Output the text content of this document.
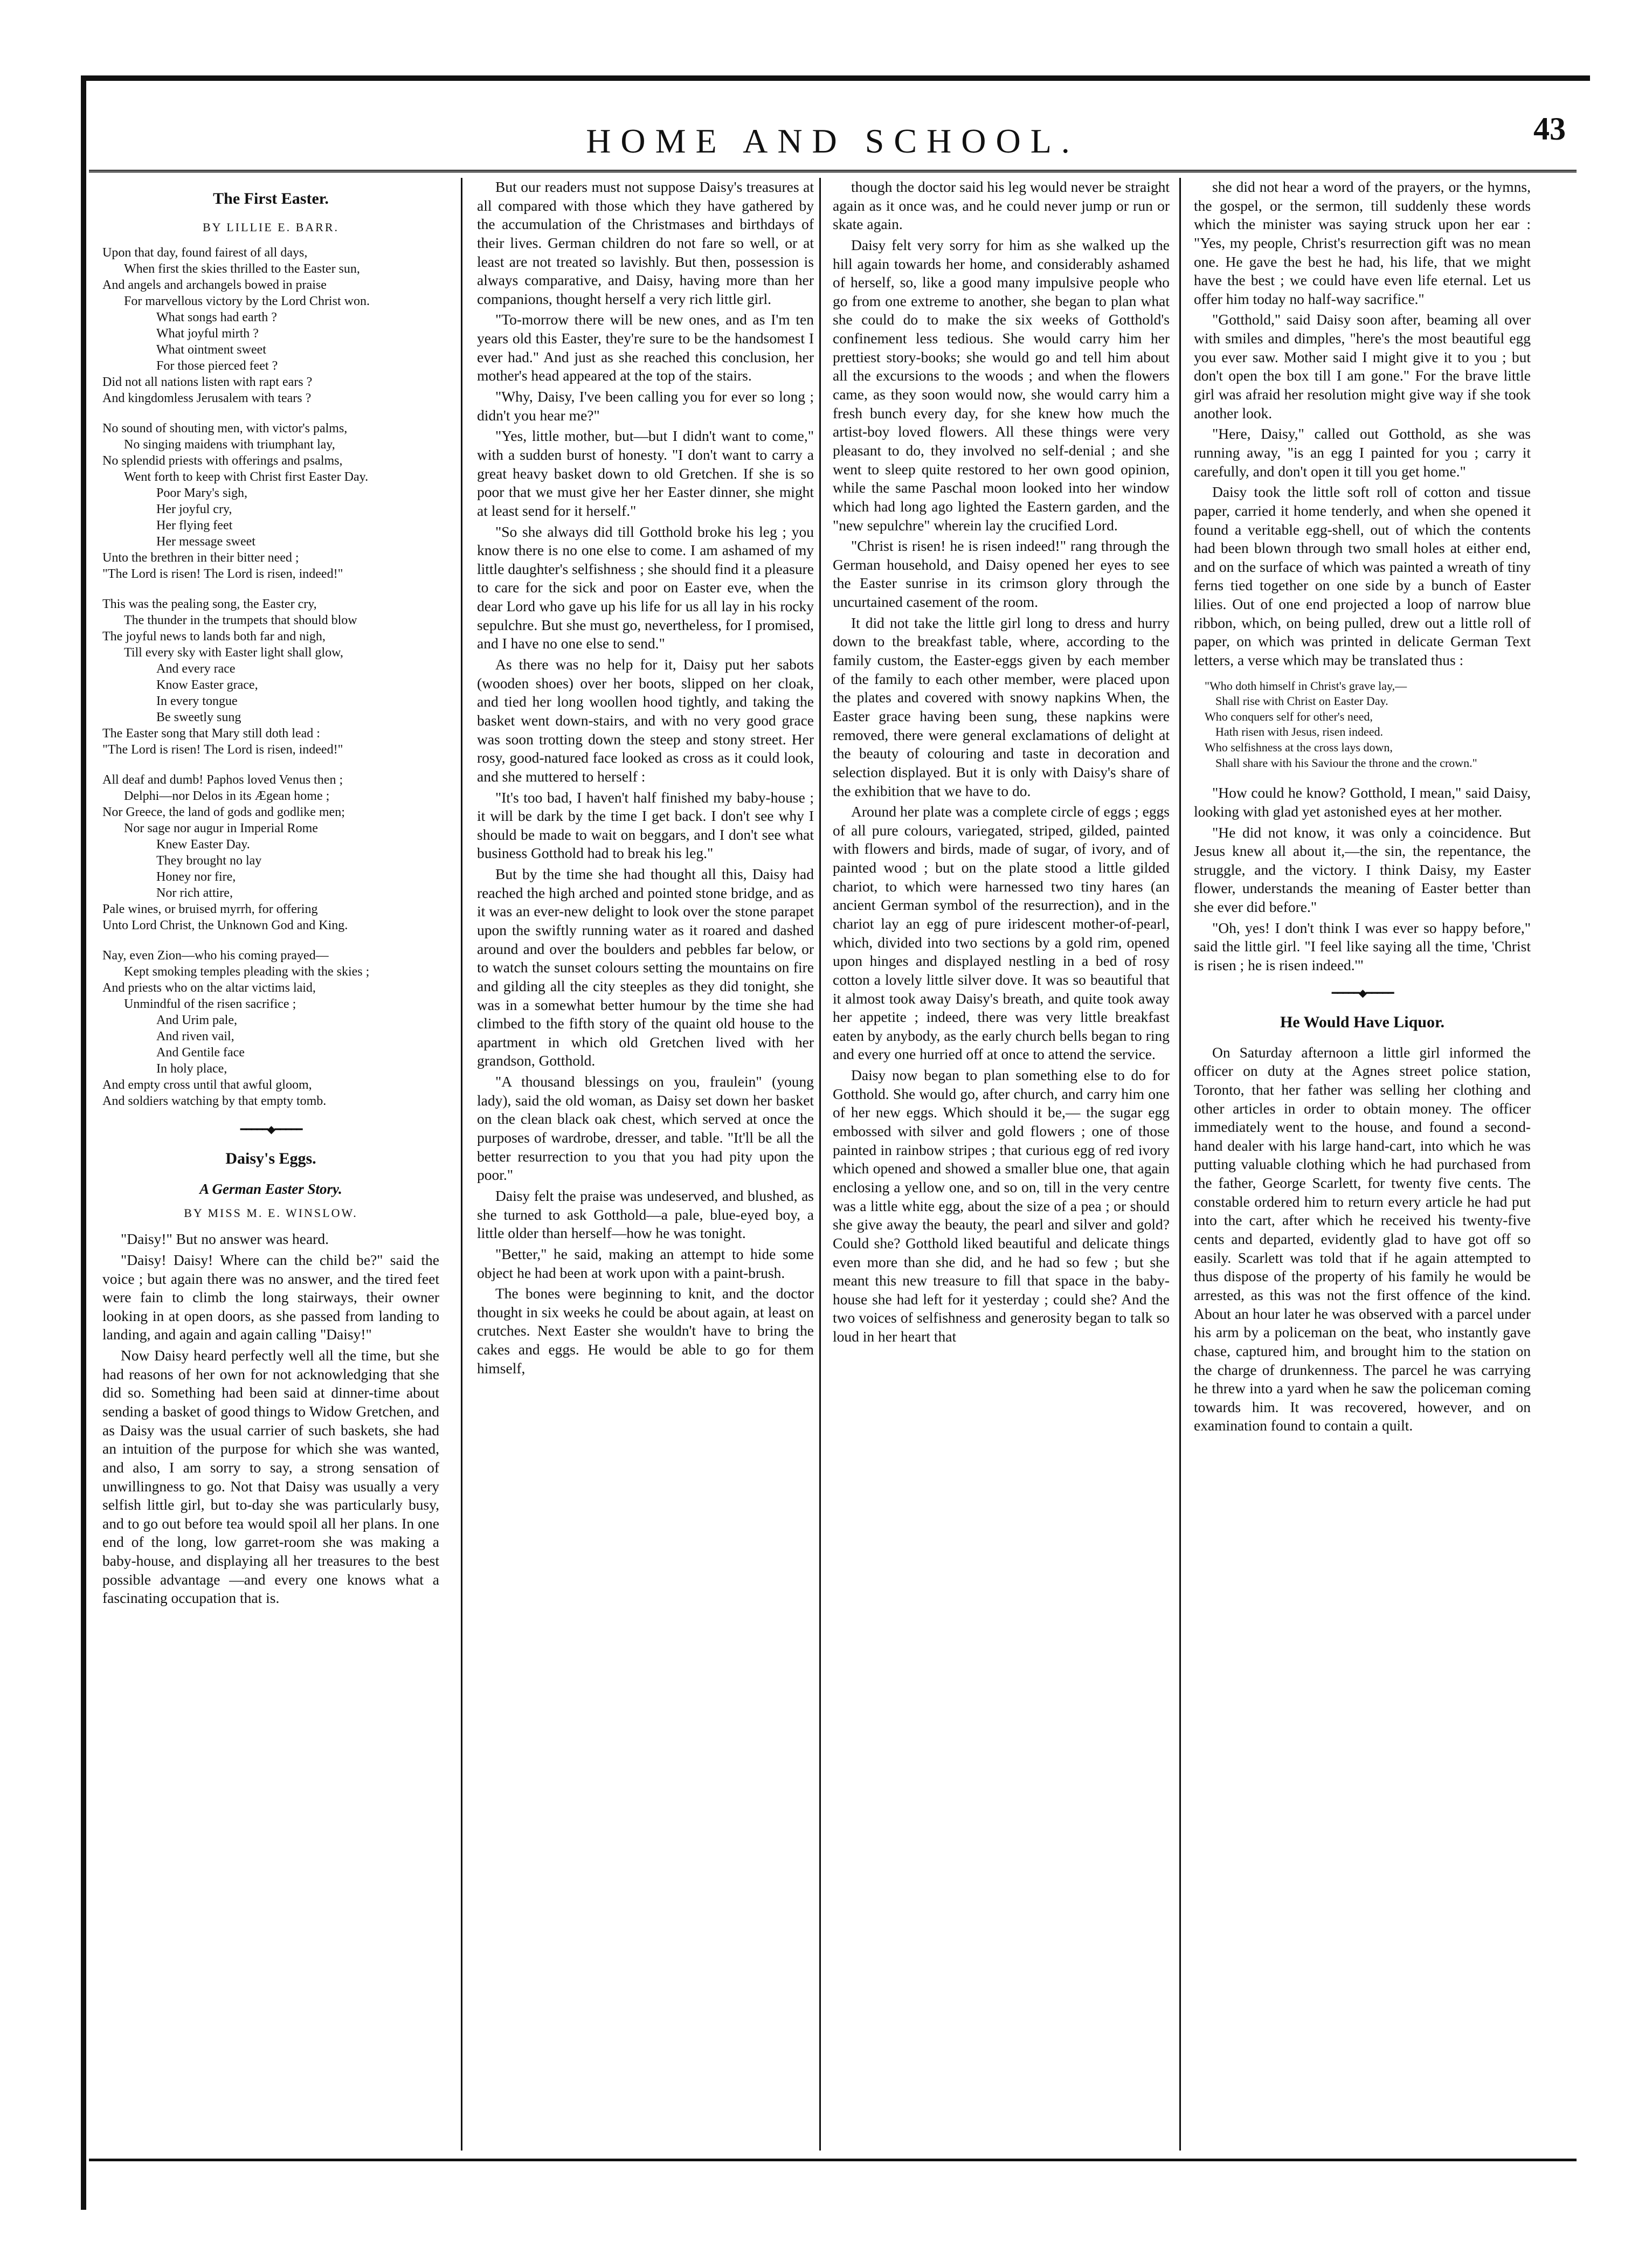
HOME AND SCHOOL.	43
The First Easter.
BY LILLIE E. BARR.
Upon that day, found fairest of all days,
When first the skies thrilled to the Easter sun,
And angels and archangels bowed in praise
For marvellous victory by the Lord Christ won.
What songs had earth ?
What joyful mirth ?
What ointment sweet
For those pierced feet ?
Did not all nations listen with rapt ears ?
And kingdomless Jerusalem with tears ?
No sound of shouting men, with victor's palms,
No singing maidens with triumphant lay,
No splendid priests with offerings and psalms,
Went forth to keep with Christ first Easter Day.
Poor Mary's sigh,
Her joyful cry,
Her flying feet
Her message sweet
Unto the brethren in their bitter need ;
"The Lord is risen! The Lord is risen, indeed!"
This was the pealing song, the Easter cry,
The thunder in the trumpets that should blow
The joyful news to lands both far and nigh,
Till every sky with Easter light shall glow,
And every race
Know Easter grace,
In every tongue
Be sweetly sung
The Easter song that Mary still doth lead :
"The Lord is risen! The Lord is risen, indeed!"
All deaf and dumb! Paphos loved Venus then ;
Delphi—nor Delos in its Ægean home ;
Nor Greece, the land of gods and godlike men;
Nor sage nor augur in Imperial Rome
Knew Easter Day.
They brought no lay
Honey nor fire,
Nor rich attire,
Pale wines, or bruised myrrh, for offering
Unto Lord Christ, the Unknown God and King.
Nay, even Zion—who his coming prayed—
Kept smoking temples pleading with the skies ;
And priests who on the altar victims laid,
Unmindful of the risen sacrifice ;
And Urim pale,
And riven vail,
And Gentile face
In holy place,
And empty cross until that awful gloom,
And soldiers watching by that empty tomb.
━━━━━◆━━━━━
Daisy's Eggs.
A German Easter Story.
BY MISS M. E. WINSLOW.

"Daisy!" But no answer was heard.

"Daisy! Daisy! Where can the child be?" said the voice ; but again there was no answer, and the tired feet were fain to climb the long stairways, their owner looking in at open doors, as she passed from landing to landing, and again and again calling "Daisy!"

Now Daisy heard perfectly well all the time, but she had reasons of her own for not acknowledging that she did so. Something had been said at dinner-time about sending a basket of good things to Widow Gretchen, and as Daisy was the usual carrier of such baskets, she had an intuition of the purpose for which she was wanted, and also, I am sorry to say, a strong sensation of unwillingness to go. Not that Daisy was usually a very selfish little girl, but to-day she was particularly busy, and to go out before tea would spoil all her plans. In one end of the long, low garret-room she was making a baby-house, and displaying all her treasures to the best possible advantage —and every one knows what a fascinating occupation that is.

But our readers must not suppose Daisy's treasures at all compared with those which they have gathered by the accumulation of the Christmases and birthdays of their lives. German children do not fare so well, or at least are not treated so lavishly. But then, possession is always comparative, and Daisy, having more than her companions, thought herself a very rich little girl.

"To-morrow there will be new ones, and as I'm ten years old this Easter, they're sure to be the handsomest I ever had." And just as she reached this conclusion, her mother's head appeared at the top of the stairs.

"Why, Daisy, I've been calling you for ever so long ; didn't you hear me?"

"Yes, little mother, but—but I didn't want to come," with a sudden burst of honesty. "I don't want to carry a great heavy basket down to old Gretchen. If she is so poor that we must give her her Easter dinner, she might at least send for it herself."

"So she always did till Gotthold broke his leg ; you know there is no one else to come. I am ashamed of my little daughter's selfishness ; she should find it a pleasure to care for the sick and poor on Easter eve, when the dear Lord who gave up his life for us all lay in his rocky sepulchre. But she must go, nevertheless, for I promised, and I have no one else to send."

As there was no help for it, Daisy put her sabots (wooden shoes) over her boots, slipped on her cloak, and tied her long woollen hood tightly, and taking the basket went down-stairs, and with no very good grace was soon trotting down the steep and stony street. Her rosy, good-natured face looked as cross as it could look, and she muttered to herself :

"It's too bad, I haven't half finished my baby-house ; it will be dark by the time I get back. I don't see why I should be made to wait on beggars, and I don't see what business Gotthold had to break his leg."

But by the time she had thought all this, Daisy had reached the high arched and pointed stone bridge, and as it was an ever-new delight to look over the stone parapet upon the swiftly running water as it roared and dashed around and over the boulders and pebbles far below, or to watch the sunset colours setting the mountains on fire and gilding all the city steeples as they did tonight, she was in a somewhat better humour by the time she had climbed to the fifth story of the quaint old house to the apartment in which old Gretchen lived with her grandson, Gotthold.

"A thousand blessings on you, fraulein" (young lady), said the old woman, as Daisy set down her basket on the clean black oak chest, which served at once the purposes of wardrobe, dresser, and table. "It'll be all the better resurrection to you that you had pity upon the poor."

Daisy felt the praise was undeserved, and blushed, as she turned to ask Gotthold—a pale, blue-eyed boy, a little older than herself—how he was tonight.

"Better," he said, making an attempt to hide some object he had been at work upon with a paint-brush.

The bones were beginning to knit, and the doctor thought in six weeks he could be about again, at least on crutches. Next Easter she wouldn't have to bring the cakes and eggs. He would be able to go for them himself,

though the doctor said his leg would never be straight again as it once was, and he could never jump or run or skate again.

Daisy felt very sorry for him as she walked up the hill again towards her home, and considerably ashamed of herself, so, like a good many impulsive people who go from one extreme to another, she began to plan what she could do to make the six weeks of Gotthold's confinement less tedious. She would carry him her prettiest story-books; she would go and tell him about all the excursions to the woods ; and when the flowers came, as they soon would now, she would carry him a fresh bunch every day, for she knew how much the artist-boy loved flowers. All these things were very pleasant to do, they involved no self-denial ; and she went to sleep quite restored to her own good opinion, while the same Paschal moon looked into her window which had long ago lighted the Eastern garden, and the "new sepulchre" wherein lay the crucified Lord.

"Christ is risen! he is risen indeed!" rang through the German household, and Daisy opened her eyes to see the Easter sunrise in its crimson glory through the uncurtained casement of the room.

It did not take the little girl long to dress and hurry down to the breakfast table, where, according to the family custom, the Easter-eggs given by each member of the family to each other member, were placed upon the plates and covered with snowy napkins When, the Easter grace having been sung, these napkins were removed, there were general exclamations of delight at the beauty of colouring and taste in decoration and selection displayed. But it is only with Daisy's share of the exhibition that we have to do.

Around her plate was a complete circle of eggs ; eggs of all pure colours, variegated, striped, gilded, painted with flowers and birds, made of sugar, of ivory, and of painted wood ; but on the plate stood a little gilded chariot, to which were harnessed two tiny hares (an ancient German symbol of the resurrection), and in the chariot lay an egg of pure iridescent mother-of-pearl, which, divided into two sections by a gold rim, opened upon hinges and displayed nestling in a bed of rosy cotton a lovely little silver dove. It was so beautiful that it almost took away Daisy's breath, and quite took away her appetite ; indeed, there was very little breakfast eaten by anybody, as the early church bells began to ring and every one hurried off at once to attend the service.

Daisy now began to plan something else to do for Gotthold. She would go, after church, and carry him one of her new eggs. Which should it be,— the sugar egg embossed with silver and gold flowers ; one of those painted in rainbow stripes ; that curious egg of red ivory which opened and showed a smaller blue one, that again enclosing a yellow one, and so on, till in the very centre was a little white egg, about the size of a pea ; or should she give away the beauty, the pearl and silver and gold? Could she? Gotthold liked beautiful and delicate things even more than she did, and he had so few ; but she meant this new treasure to fill that space in the baby-house she had left for it yesterday ; could she? And the two voices of selfishness and generosity began to talk so loud in her heart that

she did not hear a word of the prayers, or the hymns, the gospel, or the sermon, till suddenly these words which the minister was saying struck upon her ear : "Yes, my people, Christ's resurrection gift was no mean one. He gave the best he had, his life, that we might have the best ; we could have even life eternal. Let us offer him today no half-way sacrifice."

"Gotthold," said Daisy soon after, beaming all over with smiles and dimples, "here's the most beautiful egg you ever saw. Mother said I might give it to you ; but don't open the box till I am gone." For the brave little girl was afraid her resolution might give way if she took another look.

"Here, Daisy," called out Gotthold, as she was running away, "is an egg I painted for you ; carry it carefully, and don't open it till you get home."

Daisy took the little soft roll of cotton and tissue paper, carried it home tenderly, and when she opened it found a veritable egg-shell, out of which the contents had been blown through two small holes at either end, and on the surface of which was painted a wreath of tiny ferns tied together on one side by a bunch of Easter lilies. Out of one end projected a loop of narrow blue ribbon, which, on being pulled, drew out a little roll of paper, on which was printed in delicate German Text letters, a verse which may be translated thus :

"Who doth himself in Christ's grave lay,—
Shall rise with Christ on Easter Day.
Who conquers self for other's need,
Hath risen with Jesus, risen indeed.
Who selfishness at the cross lays down,
Shall share with his Saviour the throne and the crown."

"How could he know? Gotthold, I mean," said Daisy, looking with glad yet astonished eyes at her mother.

"He did not know, it was only a coincidence. But Jesus knew all about it,—the sin, the repentance, the struggle, and the victory. I think Daisy, my Easter flower, understands the meaning of Easter better than she ever did before."

"Oh, yes! I don't think I was ever so happy before," said the little girl. "I feel like saying all the time, 'Christ is risen ; he is risen indeed.'"

━━━━━◆━━━━━
He Would Have Liquor.

On Saturday afternoon a little girl informed the officer on duty at the Agnes street police station, Toronto, that her father was selling her clothing and other articles in order to obtain money. The officer immediately went to the house, and found a second-hand dealer with his large hand-cart, into which he was putting valuable clothing which he had purchased from the father, George Scarlett, for twenty five cents. The constable ordered him to return every article he had put into the cart, after which he received his twenty-five cents and departed, evidently glad to have got off so easily. Scarlett was told that if he again attempted to thus dispose of the property of his family he would be arrested, as this was not the first offence of the kind. About an hour later he was observed with a parcel under his arm by a policeman on the beat, who instantly gave chase, captured him, and brought him to the station on the charge of drunkenness. The parcel he was carrying he threw into a yard when he saw the policeman coming towards him. It was recovered, however, and on examination found to contain a quilt.
